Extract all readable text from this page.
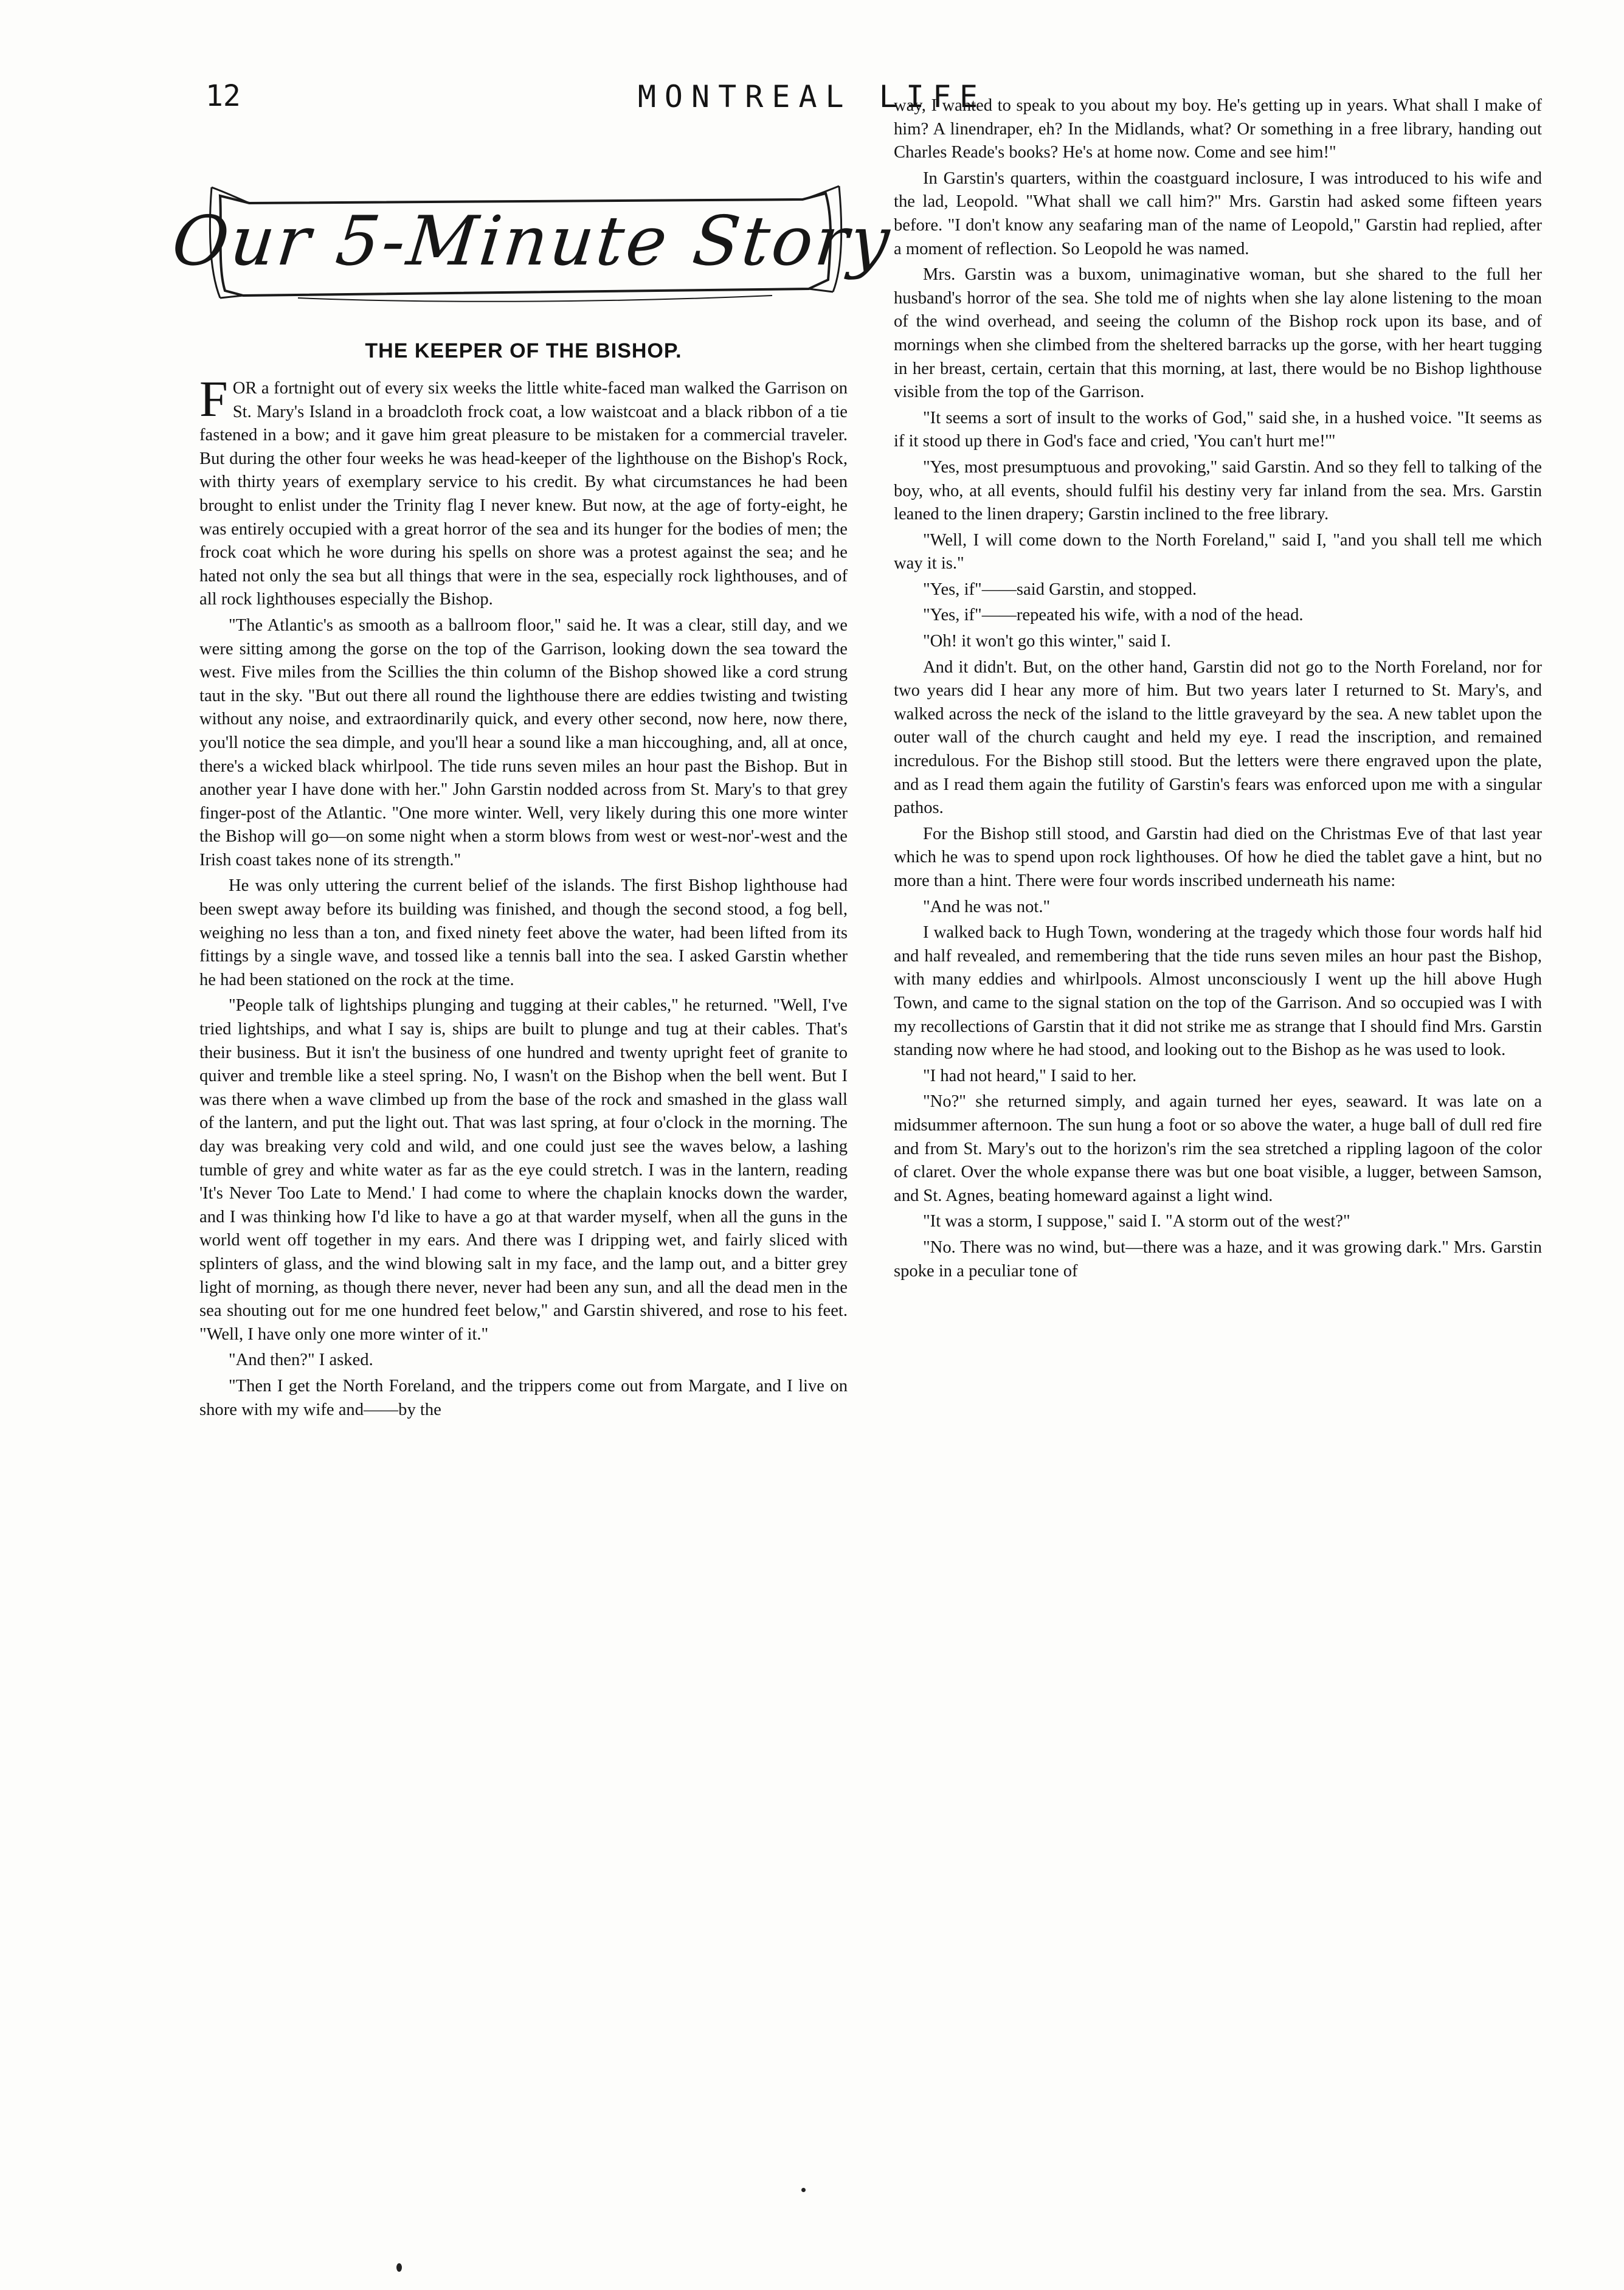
12	MONTREAL LIFE
Our 5-Minute Story
THE KEEPER OF THE BISHOP.

FOR a fortnight out of every six weeks the little white-faced man walked the Garrison on St. Mary's Island in a broadcloth frock coat, a low waistcoat and a black ribbon of a tie fastened in a bow; and it gave him great pleasure to be mistaken for a commercial traveler. But during the other four weeks he was head-keeper of the lighthouse on the Bishop's Rock, with thirty years of exemplary service to his credit. By what circumstances he had been brought to enlist under the Trinity flag I never knew. But now, at the age of forty-eight, he was entirely occupied with a great horror of the sea and its hunger for the bodies of men; the frock coat which he wore during his spells on shore was a protest against the sea; and he hated not only the sea but all things that were in the sea, especially rock lighthouses, and of all rock lighthouses especially the Bishop.

"The Atlantic's as smooth as a ballroom floor," said he. It was a clear, still day, and we were sitting among the gorse on the top of the Garrison, looking down the sea toward the west. Five miles from the Scillies the thin column of the Bishop showed like a cord strung taut in the sky. "But out there all round the lighthouse there are eddies twisting and twisting without any noise, and extraordinarily quick, and every other second, now here, now there, you'll notice the sea dimple, and you'll hear a sound like a man hiccoughing, and, all at once, there's a wicked black whirlpool. The tide runs seven miles an hour past the Bishop. But in another year I have done with her." John Garstin nodded across from St. Mary's to that grey finger-post of the Atlantic. "One more winter. Well, very likely during this one more winter the Bishop will go—on some night when a storm blows from west or west-nor'-west and the Irish coast takes none of its strength."

He was only uttering the current belief of the islands. The first Bishop lighthouse had been swept away before its building was finished, and though the second stood, a fog bell, weighing no less than a ton, and fixed ninety feet above the water, had been lifted from its fittings by a single wave, and tossed like a tennis ball into the sea. I asked Garstin whether he had been stationed on the rock at the time.

"People talk of lightships plunging and tugging at their cables," he returned. "Well, I've tried lightships, and what I say is, ships are built to plunge and tug at their cables. That's their business. But it isn't the business of one hundred and twenty upright feet of granite to quiver and tremble like a steel spring. No, I wasn't on the Bishop when the bell went. But I was there when a wave climbed up from the base of the rock and smashed in the glass wall of the lantern, and put the light out. That was last spring, at four o'clock in the morning. The day was breaking very cold and wild, and one could just see the waves below, a lashing tumble of grey and white water as far as the eye could stretch. I was in the lantern, reading 'It's Never Too Late to Mend.' I had come to where the chaplain knocks down the warder, and I was thinking how I'd like to have a go at that warder myself, when all the guns in the world went off together in my ears. And there was I dripping wet, and fairly sliced with splinters of glass, and the wind blowing salt in my face, and the lamp out, and a bitter grey light of morning, as though there never, never had been any sun, and all the dead men in the sea shouting out for me one hundred feet below," and Garstin shivered, and rose to his feet. "Well, I have only one more winter of it."

"And then?" I asked.

"Then I get the North Foreland, and the trippers come out from Margate, and I live on shore with my wife and——by the

way, I wanted to speak to you about my boy. He's getting up in years. What shall I make of him? A linendraper, eh? In the Midlands, what? Or something in a free library, handing out Charles Reade's books? He's at home now. Come and see him!"

In Garstin's quarters, within the coastguard inclosure, I was introduced to his wife and the lad, Leopold. "What shall we call him?" Mrs. Garstin had asked some fifteen years before. "I don't know any seafaring man of the name of Leopold," Garstin had replied, after a moment of reflection. So Leopold he was named.

Mrs. Garstin was a buxom, unimaginative woman, but she shared to the full her husband's horror of the sea. She told me of nights when she lay alone listening to the moan of the wind overhead, and seeing the column of the Bishop rock upon its base, and of mornings when she climbed from the sheltered barracks up the gorse, with her heart tugging in her breast, certain, certain that this morning, at last, there would be no Bishop lighthouse visible from the top of the Garrison.

"It seems a sort of insult to the works of God," said she, in a hushed voice. "It seems as if it stood up there in God's face and cried, 'You can't hurt me!'"

"Yes, most presumptuous and provoking," said Garstin. And so they fell to talking of the boy, who, at all events, should fulfil his destiny very far inland from the sea. Mrs. Garstin leaned to the linen drapery; Garstin inclined to the free library.

"Well, I will come down to the North Foreland," said I, "and you shall tell me which way it is."

"Yes, if"——said Garstin, and stopped.

"Yes, if"——repeated his wife, with a nod of the head.

"Oh! it won't go this winter," said I.

And it didn't. But, on the other hand, Garstin did not go to the North Foreland, nor for two years did I hear any more of him. But two years later I returned to St. Mary's, and walked across the neck of the island to the little graveyard by the sea. A new tablet upon the outer wall of the church caught and held my eye. I read the inscription, and remained incredulous. For the Bishop still stood. But the letters were there engraved upon the plate, and as I read them again the futility of Garstin's fears was enforced upon me with a singular pathos.

For the Bishop still stood, and Garstin had died on the Christmas Eve of that last year which he was to spend upon rock lighthouses. Of how he died the tablet gave a hint, but no more than a hint. There were four words inscribed underneath his name:

"And he was not."

I walked back to Hugh Town, wondering at the tragedy which those four words half hid and half revealed, and remembering that the tide runs seven miles an hour past the Bishop, with many eddies and whirlpools. Almost unconsciously I went up the hill above Hugh Town, and came to the signal station on the top of the Garrison. And so occupied was I with my recollections of Garstin that it did not strike me as strange that I should find Mrs. Garstin standing now where he had stood, and looking out to the Bishop as he was used to look.

"I had not heard," I said to her.

"No?" she returned simply, and again turned her eyes, seaward. It was late on a midsummer afternoon. The sun hung a foot or so above the water, a huge ball of dull red fire and from St. Mary's out to the horizon's rim the sea stretched a rippling lagoon of the color of claret. Over the whole expanse there was but one boat visible, a lugger, between Samson, and St. Agnes, beating homeward against a light wind.

"It was a storm, I suppose," said I. "A storm out of the west?"

"No. There was no wind, but—there was a haze, and it was growing dark." Mrs. Garstin spoke in a peculiar tone of
